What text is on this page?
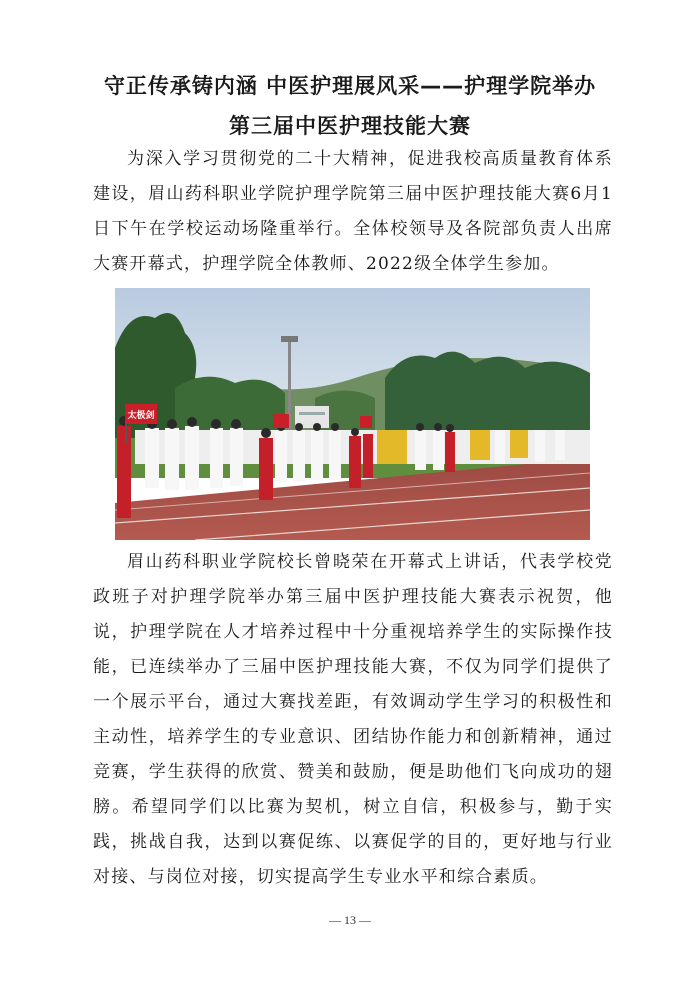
守正传承铸内涵 中医护理展风采——护理学院举办
第三届中医护理技能大赛

为深入学习贯彻党的二十大精神，促进我校高质量教育体系建设，眉山药科职业学院护理学院第三届中医护理技能大赛6月1日下午在学校运动场隆重举行。全体校领导及各院部负责人出席大赛开幕式，护理学院全体教师、2022级全体学生参加。

太极剑

眉山药科职业学院校长曾晓荣在开幕式上讲话，代表学校党政班子对护理学院举办第三届中医护理技能大赛表示祝贺，他说，护理学院在人才培养过程中十分重视培养学生的实际操作技能，已连续举办了三届中医护理技能大赛，不仅为同学们提供了一个展示平台，通过大赛找差距，有效调动学生学习的积极性和主动性，培养学生的专业意识、团结协作能力和创新精神，通过竞赛，学生获得的欣赏、赞美和鼓励，便是助他们飞向成功的翅膀。希望同学们以比赛为契机，树立自信，积极参与，勤于实践，挑战自我，达到以赛促练、以赛促学的目的，更好地与行业对接、与岗位对接，切实提高学生专业水平和综合素质。

— 13 —
